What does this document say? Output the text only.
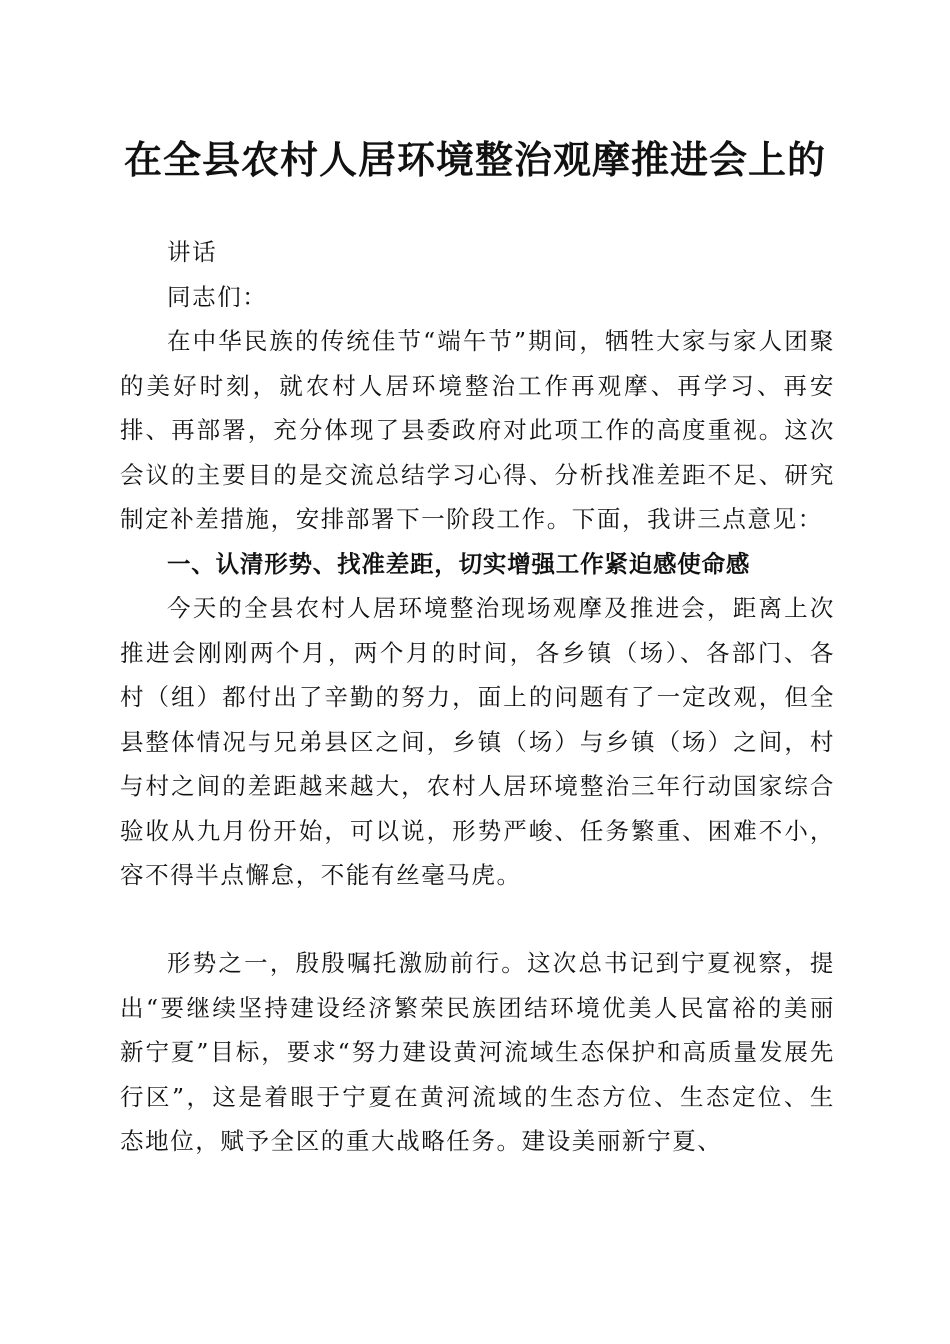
在全县农村人居环境整治观摩推进会上的

讲话

同志们：

在中华民族的传统佳节“端午节”期间，牺牲大家与家人团聚的美好时刻，就农村人居环境整治工作再观摩、再学习、再安排、再部署，充分体现了县委政府对此项工作的高度重视。这次会议的主要目的是交流总结学习心得、分析找准差距不足、研究制定补差措施，安排部署下一阶段工作。下面，我讲三点意见：

一、认清形势、找准差距，切实增强工作紧迫感使命感

今天的全县农村人居环境整治现场观摩及推进会，距离上次推进会刚刚两个月，两个月的时间，各乡镇（场）、各部门、各村（组）都付出了辛勤的努力，面上的问题有了一定改观，但全县整体情况与兄弟县区之间，乡镇（场）与乡镇（场）之间，村与村之间的差距越来越大，农村人居环境整治三年行动国家综合验收从九月份开始，可以说，形势严峻、任务繁重、困难不小，容不得半点懈怠，不能有丝毫马虎。

形势之一，殷殷嘱托激励前行。这次总书记到宁夏视察，提出“要继续坚持建设经济繁荣民族团结环境优美人民富裕的美丽新宁夏”目标，要求“努力建设黄河流域生态保护和高质量发展先行区”，这是着眼于宁夏在黄河流域的生态方位、生态定位、生态地位，赋予全区的重大战略任务。建设美丽新宁夏、
